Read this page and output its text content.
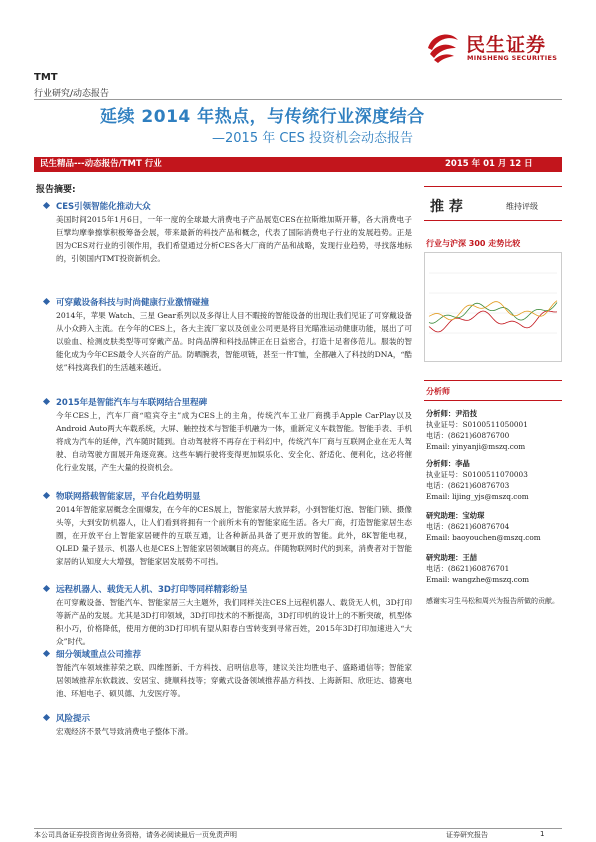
民生证券
MINSHENG SECURITIES
TMT
行业研究/动态报告
延续 2014 年热点，与传统行业深度结合
—2015 年 CES 投资机会动态报告
民生精品---动态报告/TMT 行业	2015 年 01 月 12 日
报告摘要:
CES引领智能化推动大众
美国时间2015年1月6日，一年一度的全球最大消费电子产品展览CES在拉斯维加斯开幕，各大消费电子巨擘均摩拳擦掌积极筹备会展，带来最新的科技产品和概念，代表了国际消费电子行业的发展趋势。正是因为CES对行业的引领作用，我们希望通过分析CES各大厂商的产品和战略，发现行业趋势，寻找落地标的，引领国内TMT投资新机会。
可穿戴设备科技与时尚健康行业激情碰撞
2014年，苹果 Watch、三星 Gear系列以及多得让人目不暇接的智能设备的出现让我们见证了可穿戴设备从小众跨入主流。在今年的CES上，各大主流厂家以及创业公司更是将目光瞄准运动健康功能，展出了可以验血、检测皮肤类型等可穿戴产品。时尚品牌和科技品牌正在日益密合，打造十足奢侈范儿。服装的智能化成为今年CES最令人兴奋的产品。防晒腕表，智能项链，甚至一件T恤，全都融入了科技的DNA，“酷炫”科技离我们的生活越来越近。
2015年是智能汽车与车联网结合里程碑
今年CES上，汽车厂商“喧宾夺主”成为CES上的主角，传统汽车工业厂商携手Apple CarPlay以及Android Auto两大车载系统，大屏、触控技术与智能手机融为一体，重新定义车载智能。智能手表、手机将成为汽车的延伸，汽车随时随到。自动驾驶将不再存在于科幻中，传统汽车厂商与互联网企业在无人驾驶、自动驾驶方面展开角逐竞赛。这些车辆行驶将变得更加娱乐化、安全化、舒适化、便利化，这必将催化行业发展，产生大量的投资机会。
物联网搭载智能家居，平台化趋势明显
2014年智能家居概念全面爆发，在今年的CES展上，智能家居大放异彩，小到智能灯泡、智能门锁、摄像头等，大到安防机器人，让人们看到将拥有一个前所未有的智能家庭生活。各大厂商，打造智能家居生态圈，在开放平台上智能家居硬件的互联互通，让各种新品具备了更开放的智能。此外，8K智能电视，QLED 量子显示、机器人也是CES上智能家居领域瞩目的亮点。伴随物联网时代的到来，消费者对于智能家居的认知度大大增强，智能家居发展势不可挡。
远程机器人、载货无人机、3D打印等同样精彩纷呈
在可穿戴设备、智能汽车、智能家居三大主题外，我们同样关注CES上远程机器人、载货无人机，3D打印等新产品的发展。尤其是3D打印领域，3D打印技术的不断提高，3D打印机的设计上的不断突破，机型体积小巧，价格降低，使用方便的3D打印机有望从阳春白雪转变到寻常百姓，2015年3D打印加速进入“大众”时代。
细分领域重点公司推荐
智能汽车领域推荐荣之联、四维图新、千方科技、启明信息等，建议关注均胜电子、盛路通信等；智能家居领域推荐东软载波、安居宝、捷顺科技等；穿戴式设备领域推荐晶方科技、上海新阳、欣旺达、德赛电池、环旭电子、硕贝德、九安医疗等。
风险提示
宏观经济不景气导致消费电子整体下滑。
推 荐	维持评级
行业与沪深 300 走势比较
分析师
分析师：尹沿技
执业证号：S0100511050001
电话：(8621)60876700
Email: yinyanji@mszq.com
分析师：李晶
执业证号：S0100511070003
电话：(8621)60876703
Email: lijing_yjs@mszq.com
研究助理：宝幼琛
电话：(8621)60876704
Email: baoyouchen@mszq.com
研究助理：王喆
电话：(8621)60876701
Email: wangzhe@mszq.com
感谢实习生马松和周兴为报告所做的贡献。
本公司具备证券投资咨询业务资格，请务必阅读最后一页免责声明	证券研究报告	1
